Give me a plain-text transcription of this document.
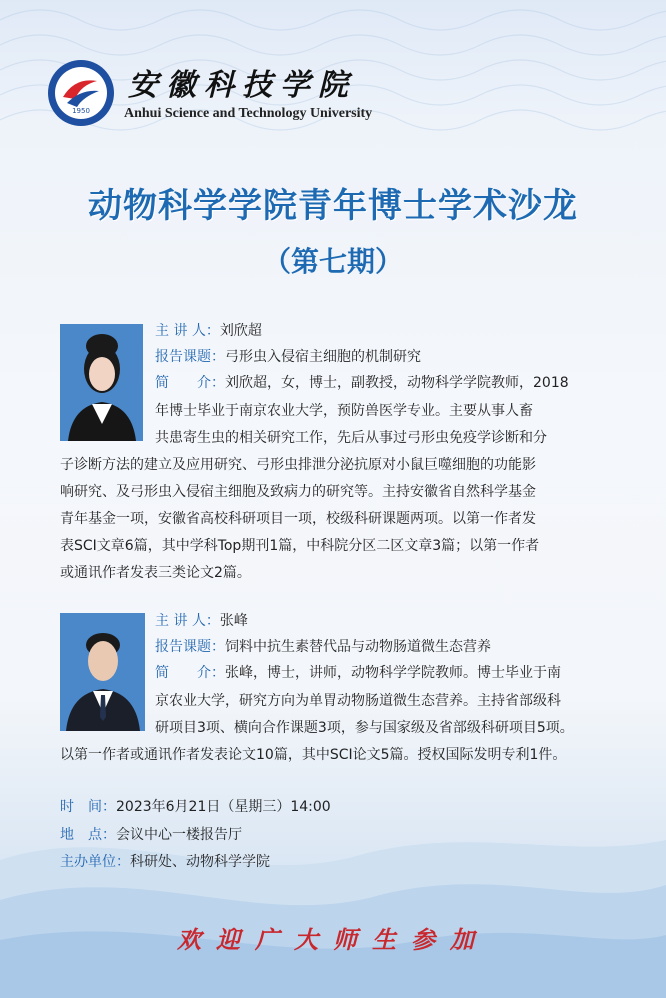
1950
安徽科技学院
Anhui Science and Technology University
动物科学学院青年博士学术沙龙
（第七期）
主 讲 人：刘欣超
报告课题：弓形虫入侵宿主细胞的机制研究
简　　介：刘欣超，女，博士，副教授，动物科学学院教师，2018
年博士毕业于南京农业大学，预防兽医学专业。主要从事人畜
共患寄生虫的相关研究工作，先后从事过弓形虫免疫学诊断和分
子诊断方法的建立及应用研究、弓形虫排泄分泌抗原对小鼠巨噬细胞的功能影
响研究、及弓形虫入侵宿主细胞及致病力的研究等。主持安徽省自然科学基金
青年基金一项，安徽省高校科研项目一项，校级科研课题两项。以第一作者发
表SCI文章6篇，其中学科Top期刊1篇，中科院分区二区文章3篇；以第一作者
或通讯作者发表三类论文2篇。
主 讲 人：张峰
报告课题：饲料中抗生素替代品与动物肠道微生态营养
简　　介：张峰，博士，讲师，动物科学学院教师。博士毕业于南
京农业大学，研究方向为单胃动物肠道微生态营养。主持省部级科
研项目3项、横向合作课题3项，参与国家级及省部级科研项目5项。
以第一作者或通讯作者发表论文10篇，其中SCI论文5篇。授权国际发明专利1件。
时　间：2023年6月21日（星期三）14:00
地　点：会议中心一楼报告厅
主办单位：科研处、动物科学学院
欢迎广大师生参加
